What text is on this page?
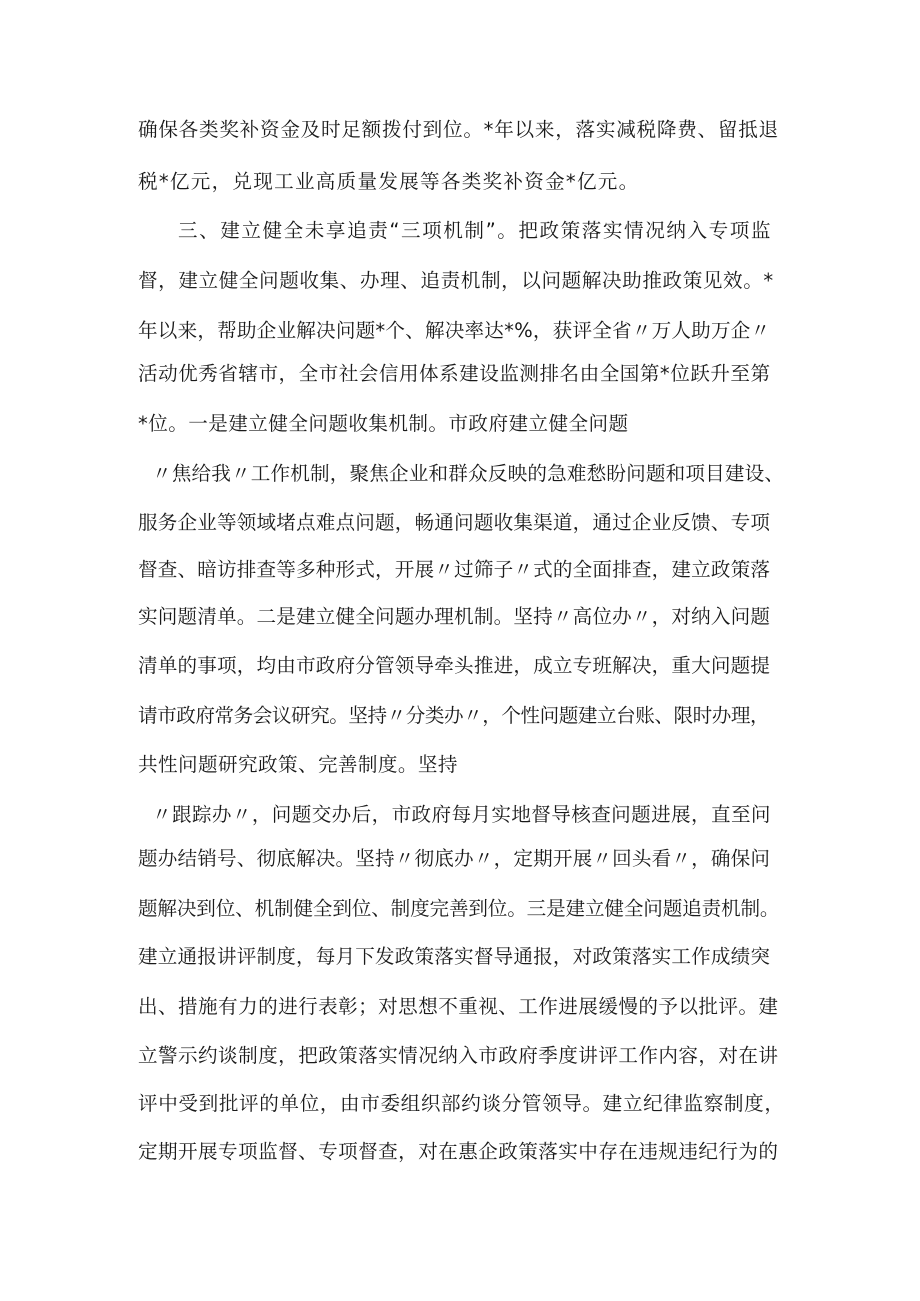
确保各类奖补资金及时足额拨付到位。*年以来，落实减税降费、留抵退
税*亿元，兑现工业高质量发展等各类奖补资金*亿元。
三、建立健全未享追责“三项机制”。把政策落实情况纳入专项监
督，建立健全问题收集、办理、追责机制，以问题解决助推政策见效。*
年以来，帮助企业解决问题*个、解决率达*%，获评全省〃万人助万企〃
活动优秀省辖市，全市社会信用体系建设监测排名由全国第*位跃升至第
*位。一是建立健全问题收集机制。市政府建立健全问题
〃焦给我〃工作机制，聚焦企业和群众反映的急难愁盼问题和项目建设、
服务企业等领域堵点难点问题，畅通问题收集渠道，通过企业反馈、专项
督查、暗访排查等多种形式，开展〃过筛子〃式的全面排查，建立政策落
实问题清单。二是建立健全问题办理机制。坚持〃高位办〃，对纳入问题
清单的事项，均由市政府分管领导牵头推进，成立专班解决，重大问题提
请市政府常务会议研究。坚持〃分类办〃，个性问题建立台账、限时办理，
共性问题研究政策、完善制度。坚持
〃跟踪办〃，问题交办后，市政府每月实地督导核查问题进展，直至问
题办结销号、彻底解决。坚持〃彻底办〃，定期开展〃回头看〃，确保问
题解决到位、机制健全到位、制度完善到位。三是建立健全问题追责机制。
建立通报讲评制度，每月下发政策落实督导通报，对政策落实工作成绩突
出、措施有力的进行表彰；对思想不重视、工作进展缓慢的予以批评。建
立警示约谈制度，把政策落实情况纳入市政府季度讲评工作内容，对在讲
评中受到批评的单位，由市委组织部约谈分管领导。建立纪律监察制度，
定期开展专项监督、专项督查，对在惠企政策落实中存在违规违纪行为的
